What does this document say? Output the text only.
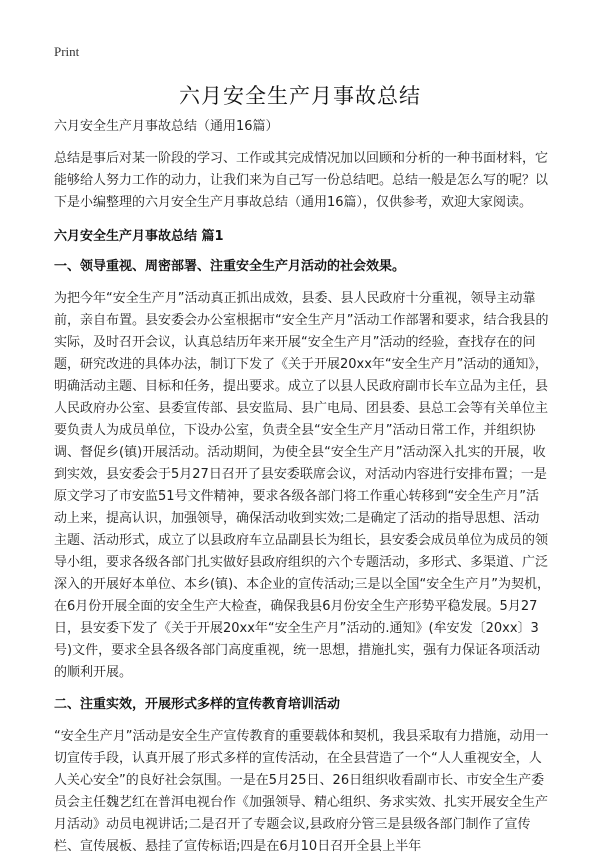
Print
六月安全生产月事故总结

六月安全生产月事故总结（通用16篇）

总结是事后对某一阶段的学习、工作或其完成情况加以回顾和分析的一种书面材料，它能够给人努力工作的动力，让我们来为自己写一份总结吧。总结一般是怎么写的呢？以下是小编整理的六月安全生产月事故总结（通用16篇），仅供参考，欢迎大家阅读。

六月安全生产月事故总结 篇1

一、领导重视、周密部署、注重安全生产月活动的社会效果。

为把今年“安全生产月”活动真正抓出成效，县委、县人民政府十分重视，领导主动靠前，亲自布置。县安委会办公室根据市“安全生产月”活动工作部署和要求，结合我县的实际，及时召开会议，认真总结历年来开展“安全生产月”活动的经验，查找存在的问题，研究改进的具体办法，制订下发了《关于开展20xx年“安全生产月”活动的通知》，明确活动主题、目标和任务，提出要求。成立了以县人民政府副市长车立品为主任，县人民政府办公室、县委宣传部、县安监局、县广电局、团县委、县总工会等有关单位主要负责人为成员单位，下设办公室，负责全县“安全生产月”活动日常工作，并组织协调、督促乡(镇)开展活动。活动期间，为使全县“安全生产月”活动深入扎实的开展，收到实效，县安委会于5月27日召开了县安委联席会议，对活动内容进行安排布置；一是原文学习了市安监51号文件精神，要求各级各部门将工作重心转移到“安全生产月”活动上来，提高认识，加强领导，确保活动收到实效;二是确定了活动的指导思想、活动主题、活动形式，成立了以县政府车立品副县长为组长，县安委会成员单位为成员的领导小组，要求各级各部门扎实做好县政府组织的六个专题活动，多形式、多渠道、广泛深入的开展好本单位、本乡(镇)、本企业的宣传活动;三是以全国“安全生产月”为契机，在6月份开展全面的安全生产大检查，确保我县6月份安全生产形势平稳发展。5月27日，县安委下发了《关于开展20xx年“安全生产月”活动的.通知》(牟安发〔20xx〕3号)文件，要求全县各级各部门高度重视，统一思想，措施扎实，强有力保证各项活动的顺利开展。

二、注重实效，开展形式多样的宣传教育培训活动

“安全生产月”活动是安全生产宣传教育的重要载体和契机，我县采取有力措施，动用一切宣传手段，认真开展了形式多样的宣传活动，在全县营造了一个“人人重视安全，人人关心安全”的良好社会氛围。一是在5月25日、26日组织收看副市长、市安全生产委员会主任魏艺红在普洱电视台作《加强领导、精心组织、务求实效、扎实开展安全生产月活动》动员电视讲话;二是召开了专题会议,县政府分管三是县级各部门制作了宣传栏、宣传展板、悬挂了宣传标语;四是在6月10日召开全县上半年
